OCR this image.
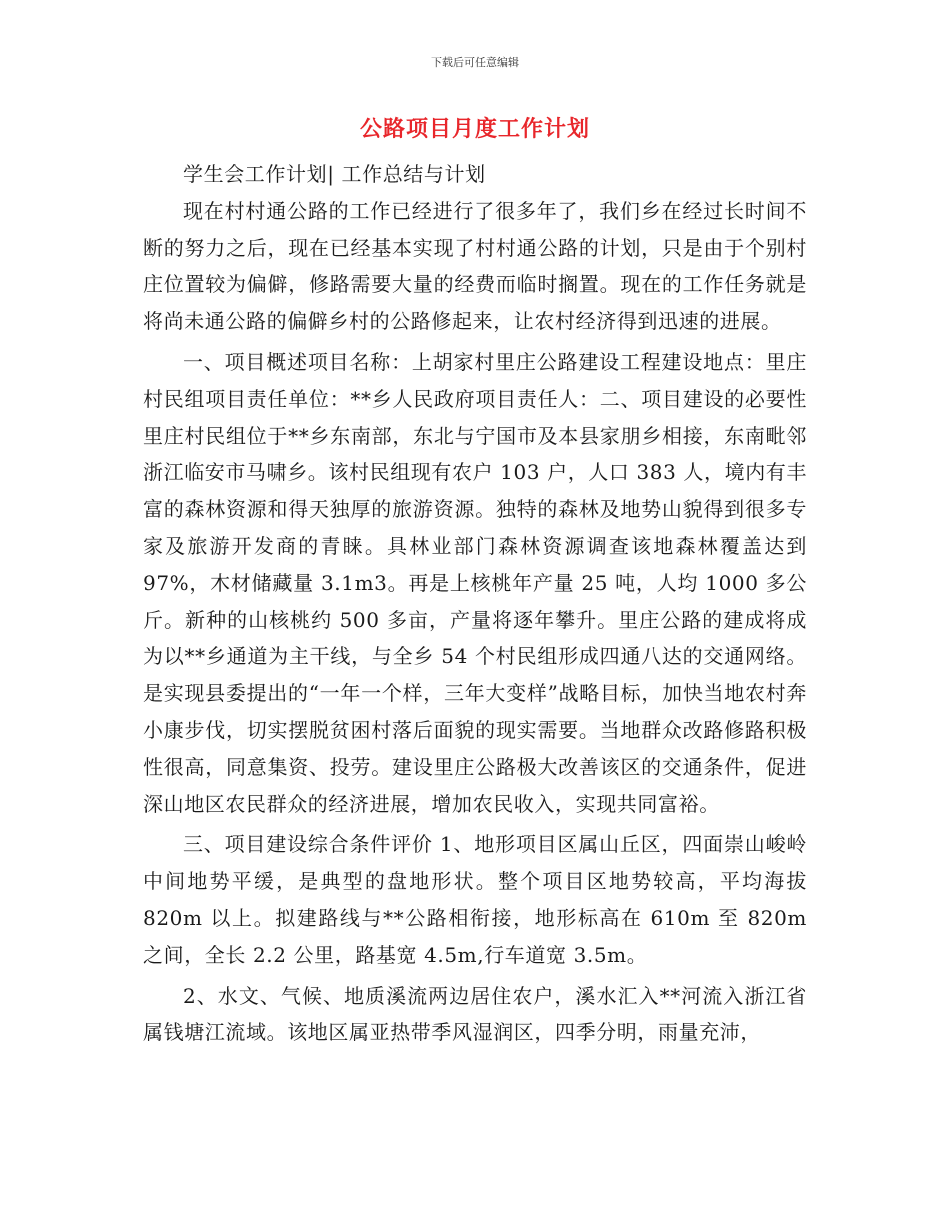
下载后可任意编辑
公路项目月度工作计划

学生会工作计划| 工作总结与计划

现在村村通公路的工作已经进行了很多年了，我们乡在经过长时间不断的努力之后，现在已经基本实现了村村通公路的计划，只是由于个别村庄位置较为偏僻，修路需要大量的经费而临时搁置。现在的工作任务就是将尚未通公路的偏僻乡村的公路修起来，让农村经济得到迅速的进展。

一、项目概述项目名称：上胡家村里庄公路建设工程建设地点：里庄村民组项目责任单位：**乡人民政府项目责任人：二、项目建设的必要性里庄村民组位于**乡东南部，东北与宁国市及本县家朋乡相接，东南毗邻浙江临安市马啸乡。该村民组现有农户 103 户，人口 383 人，境内有丰富的森林资源和得天独厚的旅游资源。独特的森林及地势山貌得到很多专家及旅游开发商的青睐。具林业部门森林资源调查该地森林覆盖达到 97%，木材储藏量 3.1m3。再是上核桃年产量 25 吨，人均 1000 多公斤。新种的山核桃约 500 多亩，产量将逐年攀升。里庄公路的建成将成为以**乡通道为主干线，与全乡 54 个村民组形成四通八达的交通网络。是实现县委提出的“一年一个样，三年大变样”战略目标，加快当地农村奔小康步伐，切实摆脱贫困村落后面貌的现实需要。当地群众改路修路积极性很高，同意集资、投劳。建设里庄公路极大改善该区的交通条件，促进深山地区农民群众的经济进展，增加农民收入，实现共同富裕。

三、项目建设综合条件评价 1、地形项目区属山丘区，四面崇山峻岭中间地势平缓，是典型的盘地形状。整个项目区地势较高，平均海拔 820m 以上。拟建路线与**公路相衔接，地形标高在 610m 至 820m 之间，全长 2.2 公里，路基宽 4.5m,行车道宽 3.5m。

2、水文、气候、地质溪流两边居住农户，溪水汇入**河流入浙江省属钱塘江流域。该地区属亚热带季风湿润区，四季分明，雨量充沛，
